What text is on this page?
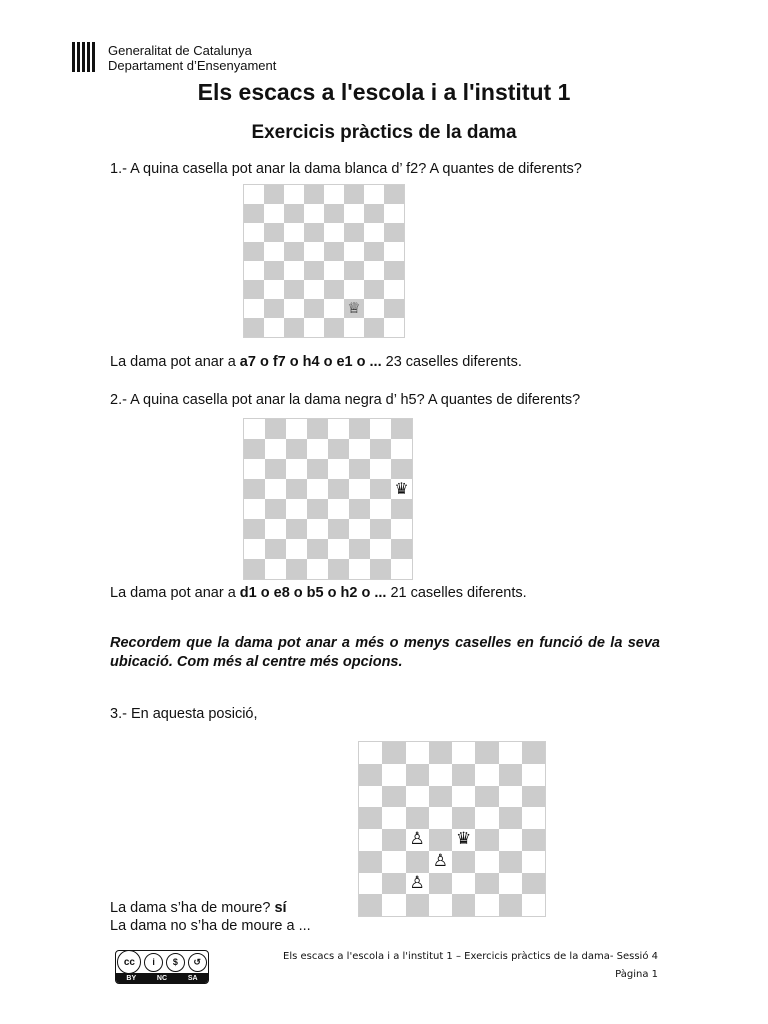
Generalitat de Catalunya
Departament d’Ensenyament
Els escacs a l'escola i a l'institut 1
Exercicis pràctics de la dama
1.- A quina casella pot anar la dama blanca d’ f2? A quantes de diferents?
♕
La dama pot anar a a7 o f7 o h4 o e1 o ... 23 caselles diferents.
2.- A quina casella pot anar la dama negra d’ h5? A quantes de diferents?
♛
La dama pot anar a d1 o e8 o b5 o h2 o ... 21 caselles diferents.
Recordem que la dama pot anar a més o menys caselles en funció de la seva ubicació. Com més al centre més opcions.
3.- En aquesta posició,
♙ ♛
♙
♙
La dama s’ha de moure? sí
La dama no s’ha de moure a ...
cc	i	$	↺
BY	NC	SA
Els escacs a l'escola i a l'institut 1 – Exercicis pràctics de la dama- Sessió 4
Pàgina 1
